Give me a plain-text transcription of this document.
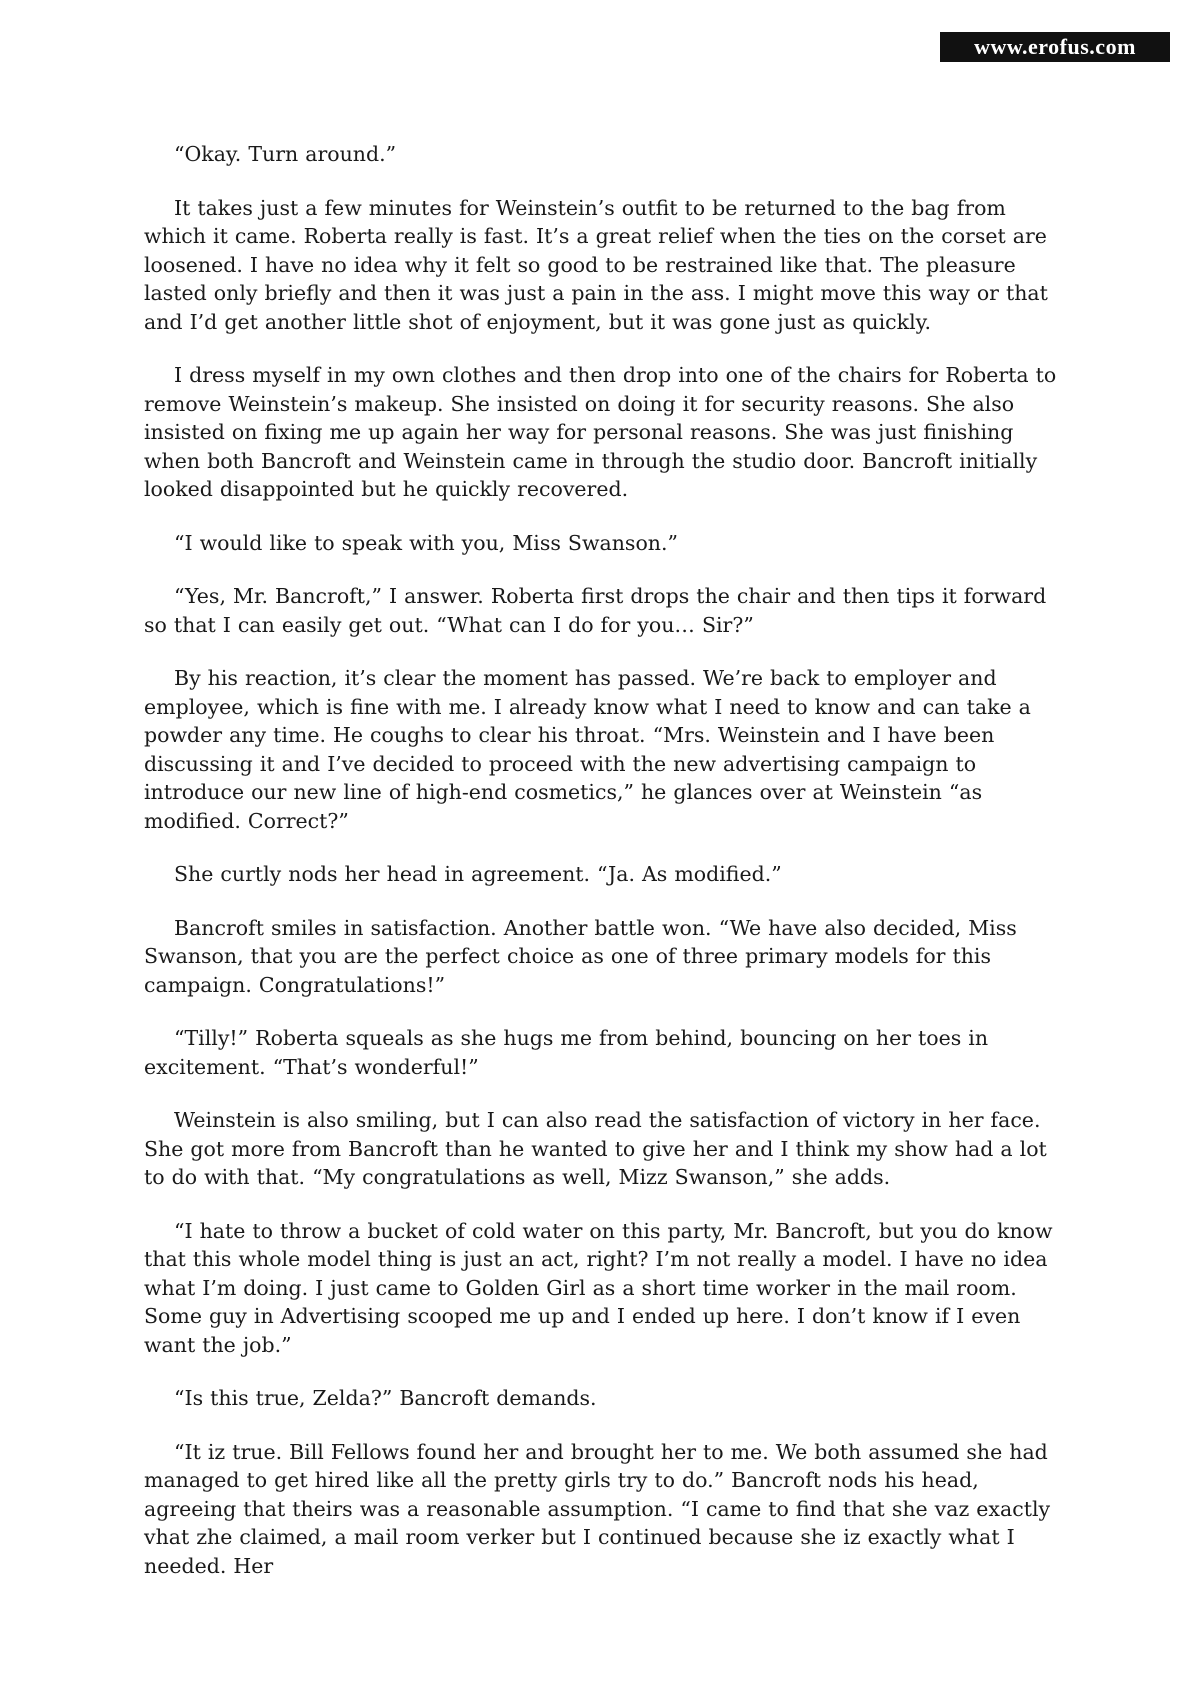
www.erofus.com

“Okay. Turn around.”

It takes just a few minutes for Weinstein’s outfit to be returned to the bag from which it came. Roberta really is fast. It’s a great relief when the ties on the corset are loosened. I have no idea why it felt so good to be restrained like that. The pleasure lasted only briefly and then it was just a pain in the ass. I might move this way or that and I’d get another little shot of enjoyment, but it was gone just as quickly.

I dress myself in my own clothes and then drop into one of the chairs for Roberta to remove Weinstein’s makeup. She insisted on doing it for security reasons. She also insisted on fixing me up again her way for personal reasons. She was just finishing when both Bancroft and Weinstein came in through the studio door. Bancroft initially looked disappointed but he quickly recovered.

“I would like to speak with you, Miss Swanson.”

“Yes, Mr. Bancroft,” I answer. Roberta first drops the chair and then tips it forward so that I can easily get out. “What can I do for you… Sir?”

By his reaction, it’s clear the moment has passed. We’re back to employer and employee, which is fine with me. I already know what I need to know and can take a powder any time. He coughs to clear his throat. “Mrs. Weinstein and I have been discussing it and I’ve decided to proceed with the new advertising campaign to introduce our new line of high-end cosmetics,” he glances over at Weinstein “as modified. Correct?”

She curtly nods her head in agreement. “Ja. As modified.”

Bancroft smiles in satisfaction. Another battle won. “We have also decided, Miss Swanson, that you are the perfect choice as one of three primary models for this campaign. Congratulations!”

“Tilly!” Roberta squeals as she hugs me from behind, bouncing on her toes in excitement. “That’s wonderful!”

Weinstein is also smiling, but I can also read the satisfaction of victory in her face. She got more from Bancroft than he wanted to give her and I think my show had a lot to do with that. “My congratulations as well, Mizz Swanson,” she adds.

“I hate to throw a bucket of cold water on this party, Mr. Bancroft, but you do know that this whole model thing is just an act, right? I’m not really a model. I have no idea what I’m doing. I just came to Golden Girl as a short time worker in the mail room. Some guy in Advertising scooped me up and I ended up here. I don’t know if I even want the job.”

“Is this true, Zelda?” Bancroft demands.

“It iz true. Bill Fellows found her and brought her to me. We both assumed she had managed to get hired like all the pretty girls try to do.” Bancroft nods his head, agreeing that theirs was a reasonable assumption. “I came to find that she vaz exactly vhat zhe claimed, a mail room verker but I continued because she iz exactly what I needed. Her
